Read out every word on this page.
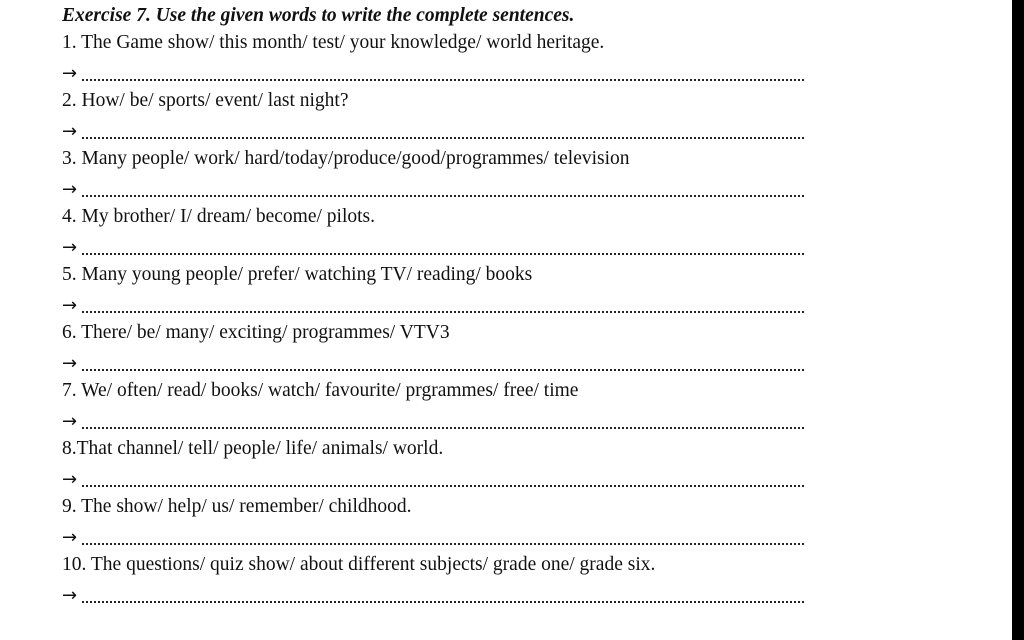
Exercise 7. Use the given words to write the complete sentences.
1. The Game show/ this month/ test/ your knowledge/ world heritage.
→
2. How/ be/ sports/ event/ last night?
→
3. Many people/ work/ hard/today/produce/good/programmes/ television
→
4. My brother/ I/ dream/ become/ pilots.
→
5. Many young people/ prefer/ watching TV/ reading/ books
→
6. There/ be/ many/ exciting/ programmes/ VTV3
→
7. We/ often/ read/ books/ watch/ favourite/ prgrammes/ free/ time
→
8.That channel/ tell/ people/ life/ animals/ world.
→
9. The show/ help/ us/ remember/ childhood.
→
10. The questions/ quiz show/ about different subjects/ grade one/ grade six.
→
